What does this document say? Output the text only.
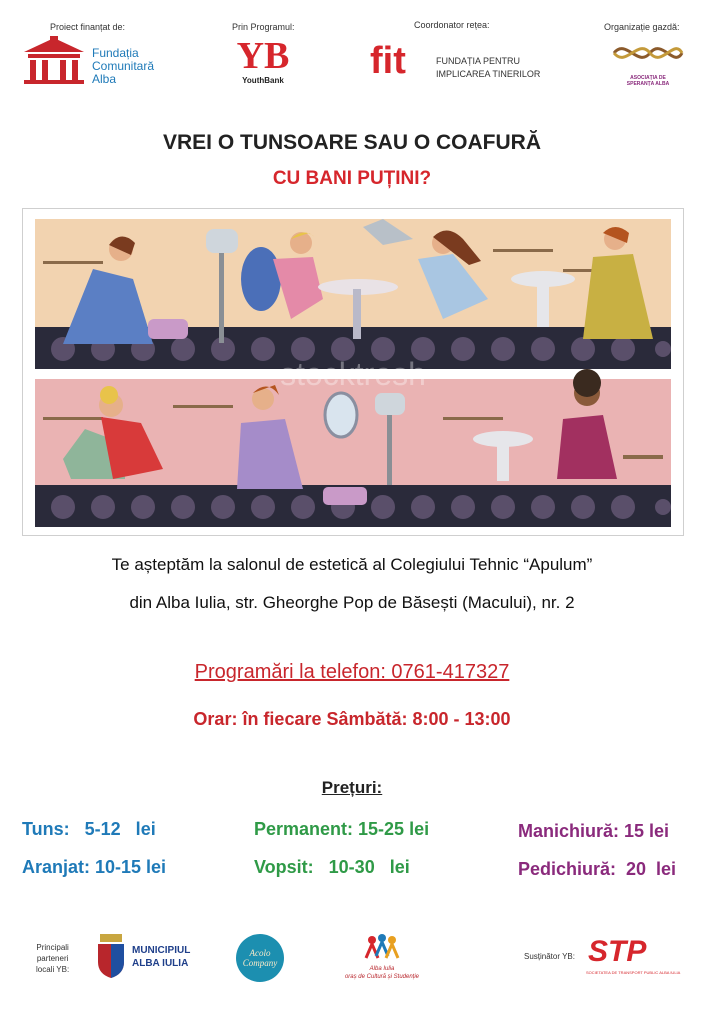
Proiect finanțat de:
Fundația
Comunitară
Alba
Prin Programul:
YB
YouthBank
Coordonator rețea:
fit	FUNDAȚIA PENTRU
IMPLICAREA TINERILOR
Organizație gazdă:
ASOCIAȚIA DE
SPERANȚA ALBA
VREI O TUNSOARE SAU O COAFURĂ
CU BANI PUȚINI?
stocktresh
Te așteptăm la salonul de estetică al Colegiului Tehnic “Apulum”
din Alba Iulia, str. Gheorghe Pop de Băsești (Macului), nr. 2
Programări la telefon: 0761-417327
Orar: în fiecare Sâmbătă: 8:00 - 13:00
Prețuri:
Tuns:   5-12   lei
Aranjat: 10-15 lei
Permanent: 15-25 lei
Vopsit:   10-30   lei
Manichiură: 15 lei
Pedichiură:  20  lei
Principali
parteneri
locali YB:
MUNICIPIUL
ALBA IULIA
Acolo Company
Alba Iulia
oraș de Cultură și Studenție
Susținător YB: STP
SOCIETATEA DE TRANSPORT PUBLIC ALBA IULIA
